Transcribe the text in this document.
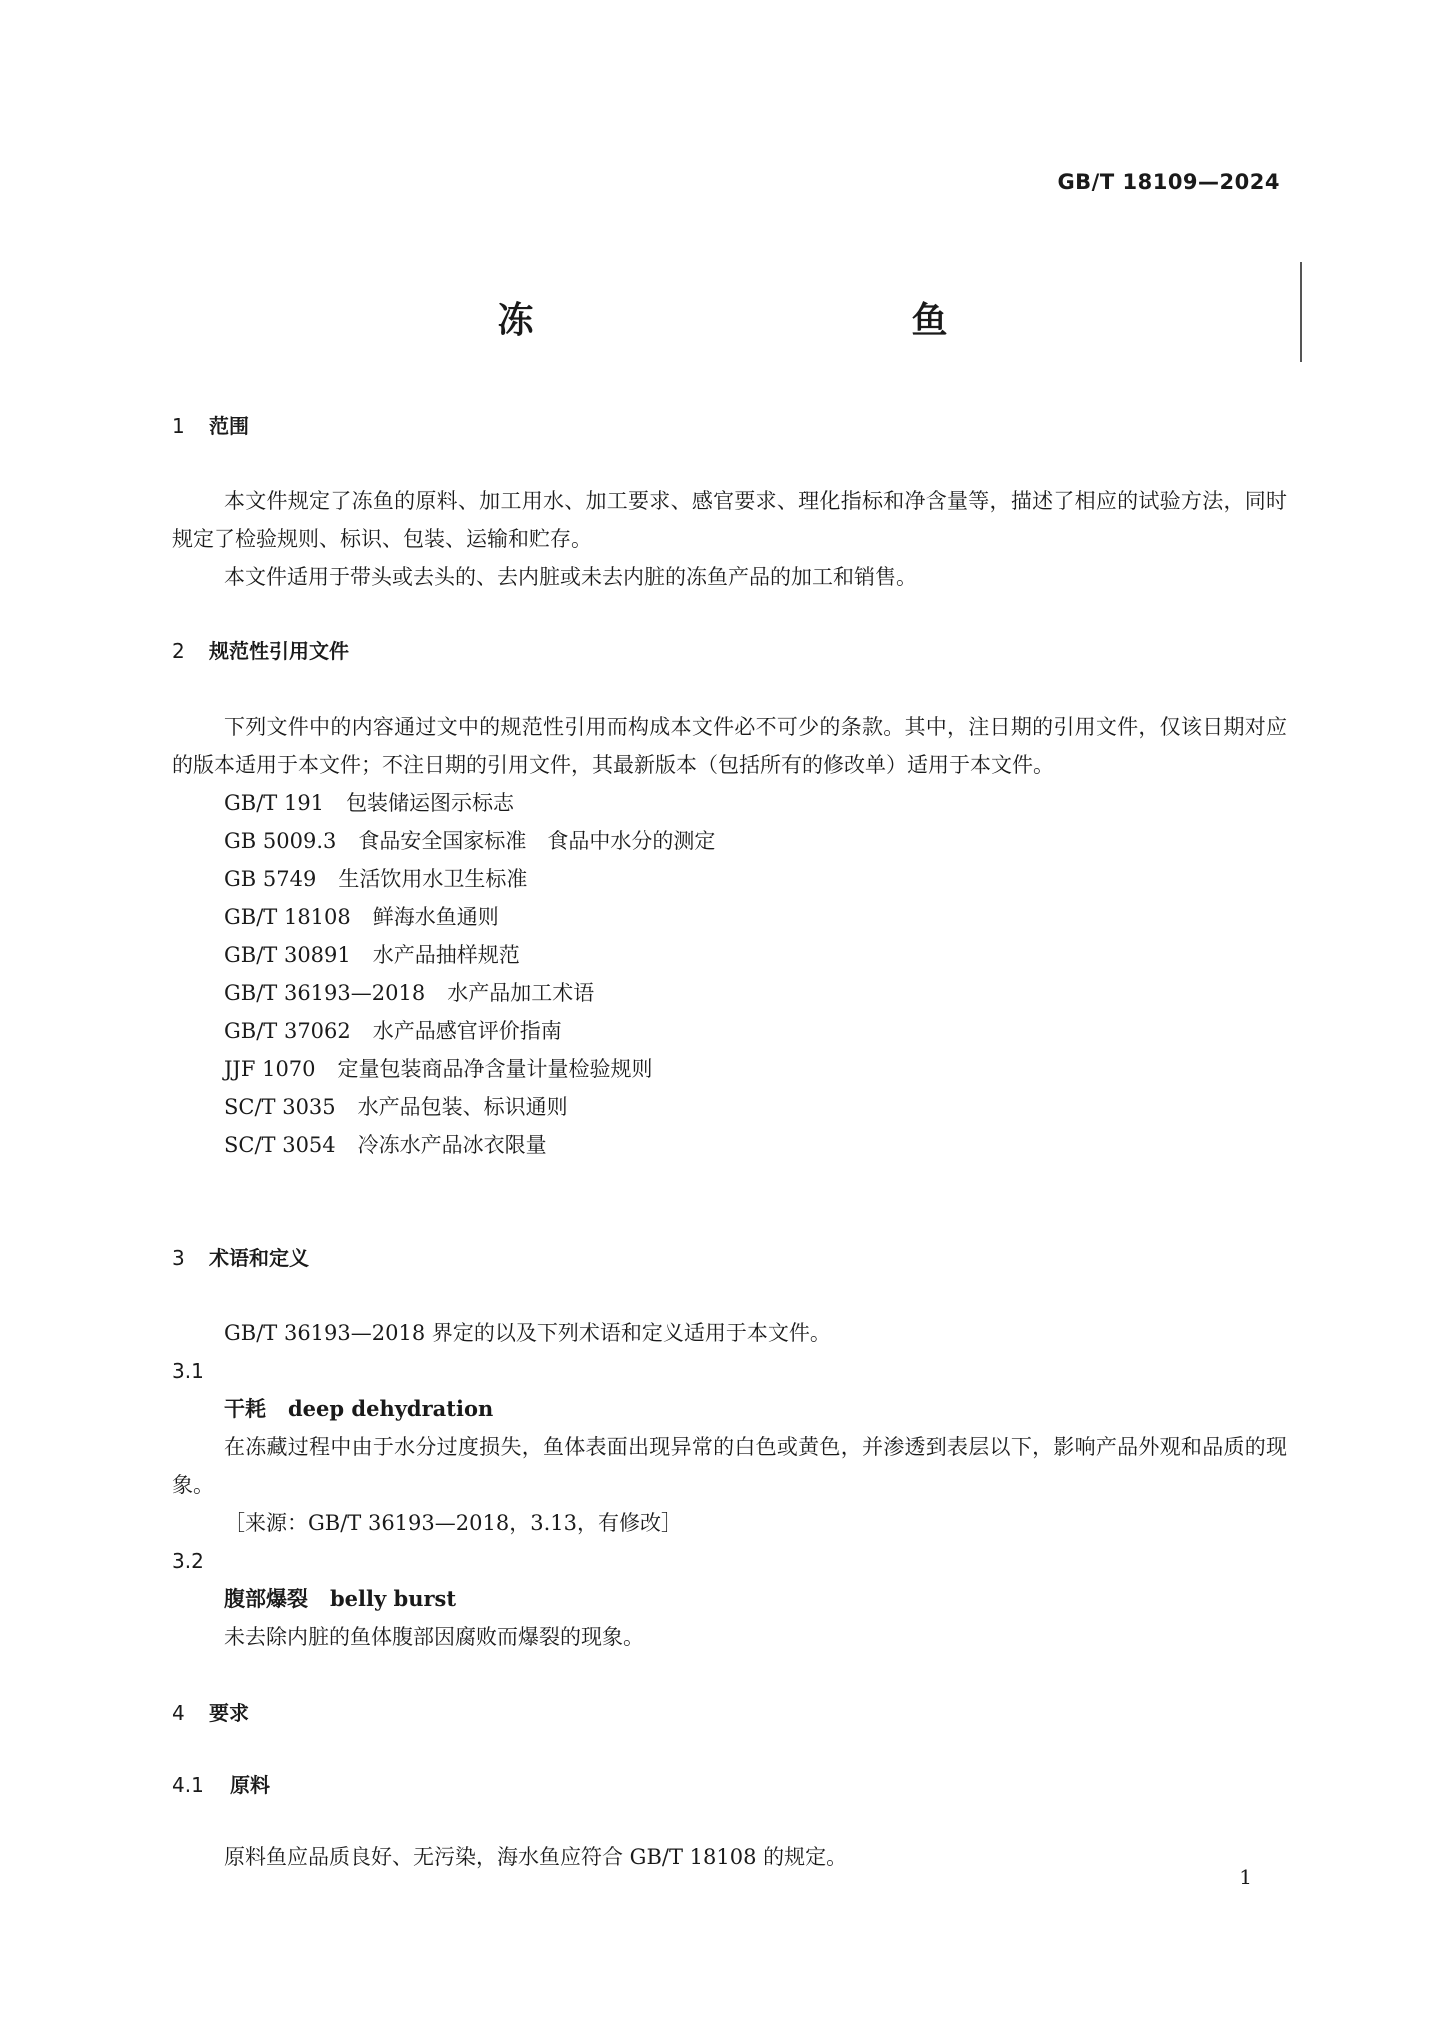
GB/T 18109—2024
冻　　鱼
1 范围
本文件规定了冻鱼的原料、加工用水、加工要求、感官要求、理化指标和净含量等，描述了相应的试验方法，同时规定了检验规则、标识、包装、运输和贮存。
本文件适用于带头或去头的、去内脏或未去内脏的冻鱼产品的加工和销售。
2 规范性引用文件
下列文件中的内容通过文中的规范性引用而构成本文件必不可少的条款。其中，注日期的引用文件，仅该日期对应的版本适用于本文件；不注日期的引用文件，其最新版本（包括所有的修改单）适用于本文件。
GB/T 191 包装储运图示标志
GB 5009.3 食品安全国家标准　食品中水分的测定
GB 5749 生活饮用水卫生标准
GB/T 18108 鲜海水鱼通则
GB/T 30891 水产品抽样规范
GB/T 36193—2018 水产品加工术语
GB/T 37062 水产品感官评价指南
JJF 1070 定量包装商品净含量计量检验规则
SC/T 3035 水产品包装、标识通则
SC/T 3054 冷冻水产品冰衣限量
3 术语和定义
GB/T 36193—2018 界定的以及下列术语和定义适用于本文件。
3.1
干耗 deep dehydration
在冻藏过程中由于水分过度损失，鱼体表面出现异常的白色或黄色，并渗透到表层以下，影响产品外观和品质的现象。
［来源：GB/T 36193—2018，3.13，有修改］
3.2
腹部爆裂 belly burst
未去除内脏的鱼体腹部因腐败而爆裂的现象。
4 要求
4.1 原料
原料鱼应品质良好、无污染，海水鱼应符合 GB/T 18108 的规定。
1
